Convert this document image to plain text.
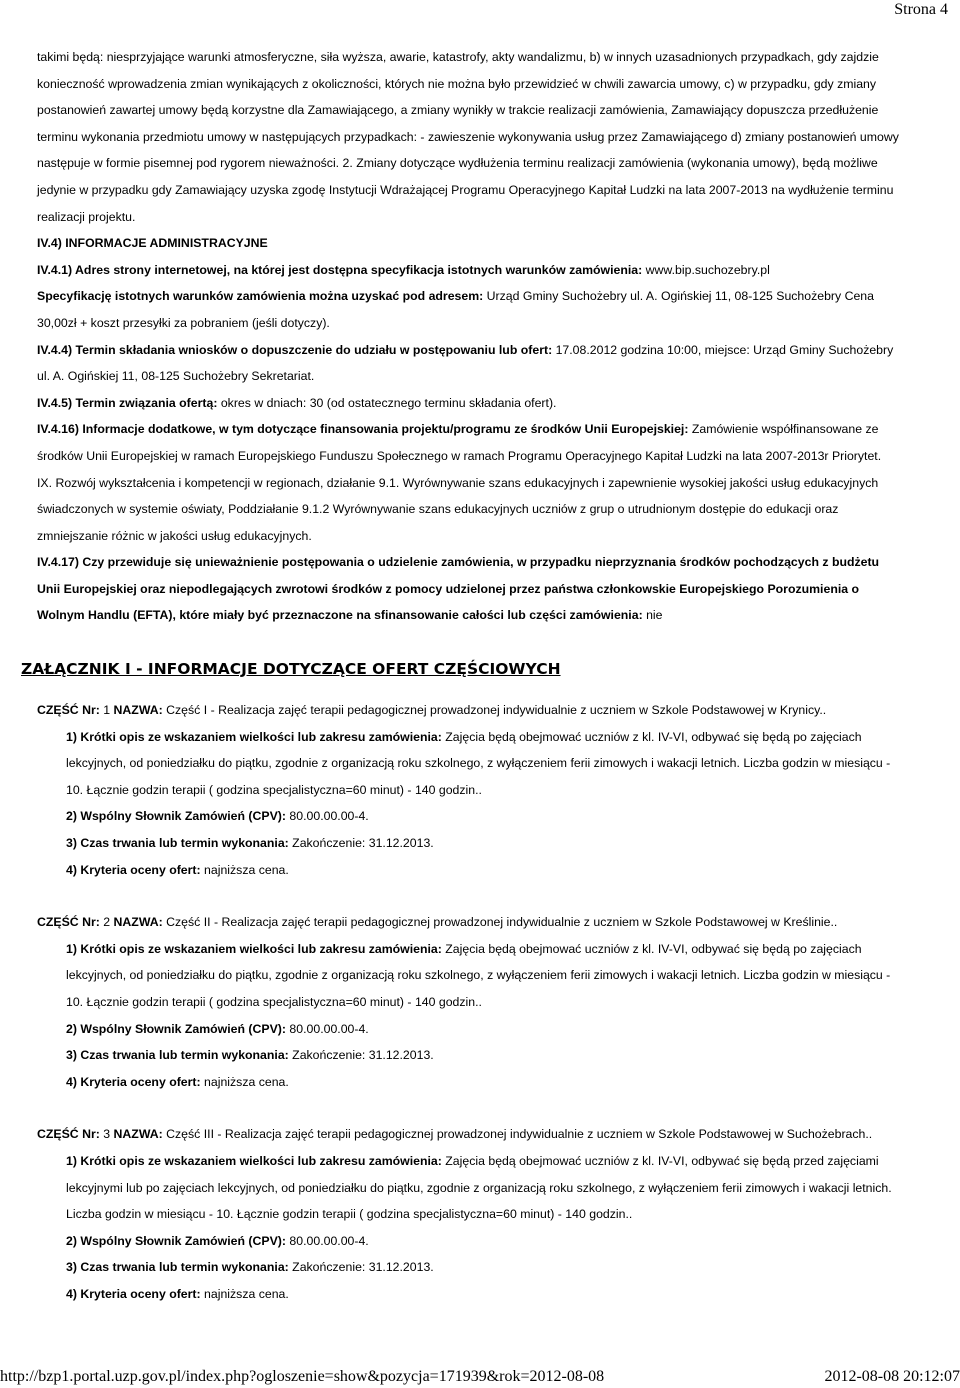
Strona 4

takimi będą: niesprzyjające warunki atmosferyczne, siła wyższa, awarie, katastrofy, akty wandalizmu, b) w innych uzasadnionych przypadkach, gdy zajdzie

konieczność wprowadzenia zmian wynikających z okoliczności, których nie można było przewidzieć w chwili zawarcia umowy, c) w przypadku, gdy zmiany

postanowień zawartej umowy będą korzystne dla Zamawiającego, a zmiany wynikły w trakcie realizacji zamówienia, Zamawiający dopuszcza przedłużenie

terminu wykonania przedmiotu umowy w następujących przypadkach: - zawieszenie wykonywania usług przez Zamawiającego d) zmiany postanowień umowy

następuje w formie pisemnej pod rygorem nieważności. 2. Zmiany dotyczące wydłużenia terminu realizacji zamówienia (wykonania umowy), będą możliwe

jedynie w przypadku gdy Zamawiający uzyska zgodę Instytucji Wdrażającej Programu Operacyjnego Kapitał Ludzki na lata 2007-2013 na wydłużenie terminu

realizacji projektu.

IV.4) INFORMACJE ADMINISTRACYJNE

IV.4.1) Adres strony internetowej, na której jest dostępna specyfikacja istotnych warunków zamówienia: www.bip.suchozebry.pl

Specyfikację istotnych warunków zamówienia można uzyskać pod adresem: Urząd Gminy Suchożebry ul. A. Ogińskiej 11, 08-125 Suchożebry Cena

30,00zł + koszt przesyłki za pobraniem (jeśli dotyczy).

IV.4.4) Termin składania wniosków o dopuszczenie do udziału w postępowaniu lub ofert: 17.08.2012 godzina 10:00, miejsce: Urząd Gminy Suchożebry

ul. A. Ogińskiej 11, 08-125 Suchożebry Sekretariat.

IV.4.5) Termin związania ofertą: okres w dniach: 30 (od ostatecznego terminu składania ofert).

IV.4.16) Informacje dodatkowe, w tym dotyczące finansowania projektu/programu ze środków Unii Europejskiej: Zamówienie współfinansowane ze

środków Unii Europejskiej w ramach Europejskiego Funduszu Społecznego w ramach Programu Operacyjnego Kapitał Ludzki na lata 2007-2013r Priorytet.

IX. Rozwój wykształcenia i kompetencji w regionach, działanie 9.1. Wyrównywanie szans edukacyjnych i zapewnienie wysokiej jakości usług edukacyjnych

świadczonych w systemie oświaty, Poddziałanie 9.1.2 Wyrównywanie szans edukacyjnych uczniów z grup o utrudnionym dostępie do edukacji oraz

zmniejszanie różnic w jakości usług edukacyjnych.

IV.4.17) Czy przewiduje się unieważnienie postępowania o udzielenie zamówienia, w przypadku nieprzyznania środków pochodzących z budżetu

Unii Europejskiej oraz niepodlegających zwrotowi środków z pomocy udzielonej przez państwa członkowskie Europejskiego Porozumienia o

Wolnym Handlu (EFTA), które miały być przeznaczone na sfinansowanie całości lub części zamówienia: nie

ZAŁĄCZNIK I - INFORMACJE DOTYCZĄCE OFERT CZĘŚCIOWYCH

CZĘŚĆ Nr: 1 NAZWA: Część I - Realizacja zajęć terapii pedagogicznej prowadzonej indywidualnie z uczniem w Szkole Podstawowej w Krynicy..

1) Krótki opis ze wskazaniem wielkości lub zakresu zamówienia: Zajęcia będą obejmować uczniów z kl. IV-VI, odbywać się będą po zajęciach

lekcyjnych, od poniedziałku do piątku, zgodnie z organizacją roku szkolnego, z wyłączeniem ferii zimowych i wakacji letnich. Liczba godzin w miesiącu -

10. Łącznie godzin terapii ( godzina specjalistyczna=60 minut) - 140 godzin..

2) Wspólny Słownik Zamówień (CPV): 80.00.00.00-4.

3) Czas trwania lub termin wykonania: Zakończenie: 31.12.2013.

4) Kryteria oceny ofert: najniższa cena.

CZĘŚĆ Nr: 2 NAZWA: Część II - Realizacja zajęć terapii pedagogicznej prowadzonej indywidualnie z uczniem w Szkole Podstawowej w Kreślinie..

1) Krótki opis ze wskazaniem wielkości lub zakresu zamówienia: Zajęcia będą obejmować uczniów z kl. IV-VI, odbywać się będą po zajęciach

lekcyjnych, od poniedziałku do piątku, zgodnie z organizacją roku szkolnego, z wyłączeniem ferii zimowych i wakacji letnich. Liczba godzin w miesiącu -

10. Łącznie godzin terapii ( godzina specjalistyczna=60 minut) - 140 godzin..

2) Wspólny Słownik Zamówień (CPV): 80.00.00.00-4.

3) Czas trwania lub termin wykonania: Zakończenie: 31.12.2013.

4) Kryteria oceny ofert: najniższa cena.

CZĘŚĆ Nr: 3 NAZWA: Część III - Realizacja zajęć terapii pedagogicznej prowadzonej indywidualnie z uczniem w Szkole Podstawowej w Suchożebrach..

1) Krótki opis ze wskazaniem wielkości lub zakresu zamówienia: Zajęcia będą obejmować uczniów z kl. IV-VI, odbywać się będą przed zajęciami

lekcyjnymi lub po zajęciach lekcyjnych, od poniedziałku do piątku, zgodnie z organizacją roku szkolnego, z wyłączeniem ferii zimowych i wakacji letnich.

Liczba godzin w miesiącu - 10. Łącznie godzin terapii ( godzina specjalistyczna=60 minut) - 140 godzin..

2) Wspólny Słownik Zamówień (CPV): 80.00.00.00-4.

3) Czas trwania lub termin wykonania: Zakończenie: 31.12.2013.

4) Kryteria oceny ofert: najniższa cena.

http://bzp1.portal.uzp.gov.pl/index.php?ogloszenie=show&pozycja=171939&rok=2012-08-08	2012-08-08 20:12:07
